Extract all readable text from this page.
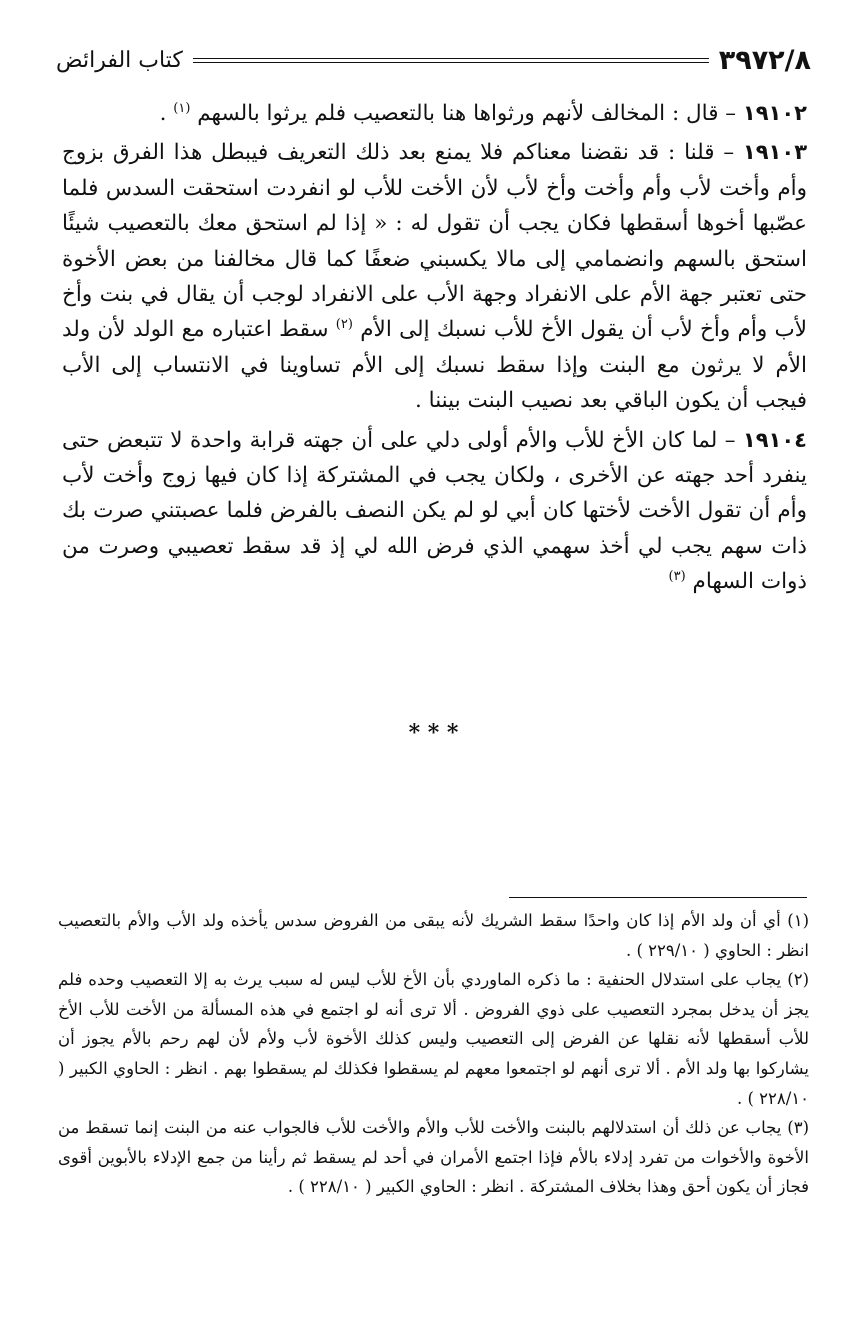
٣٩٧٢/٨
كتاب الفرائض

١٩١٠٢ – قال : المخالف لأنهم ورثواها هنا بالتعصيب فلم يرثوا بالسهم $^{(١)}$ .

١٩١٠٣ – قلنا : قد نقضنا معناكم فلا يمنع بعد ذلك التعريف فيبطل هذا الفرق بزوج وأم وأخت لأب وأم وأخت وأخ لأب لأن الأخت للأب لو انفردت استحقت السدس فلما عصّبها أخوها أسقطها فكان يجب أن تقول له : « إذا لم استحق معك بالتعصيب شيئًا استحق بالسهم وانضمامي إلى مالا يكسبني ضعفًا كما قال مخالفنا من بعض الأخوة حتى تعتبر جهة الأم على الانفراد وجهة الأب على الانفراد لوجب أن يقال في بنت وأخ لأب وأم وأخ لأب أن يقول الأخ للأب نسبك إلى الأم $^{(٢)}$ سقط اعتباره مع الولد لأن ولد الأم لا يرثون مع البنت وإذا سقط نسبك إلى الأم تساوينا في الانتساب إلى الأب فيجب أن يكون الباقي بعد نصيب البنت بيننا .

١٩١٠٤ – لما كان الأخ للأب والأم أولى دلي على أن جهته قرابة واحدة لا تتبعض حتى ينفرد أحد جهته عن الأخرى ، ولكان يجب في المشتركة إذا كان فيها زوج وأخت لأب وأم أن تقول الأخت لأختها كان أبي لو لم يكن النصف بالفرض فلما عصبتني صرت بك ذات سهم يجب لي أخذ سهمي الذي فرض الله لي إذ قد سقط تعصيبي وصرت من ذوات السهام $^{(٣)}$

* * *

(١) أي أن ولد الأم إذا كان واحدًا سقط الشريك لأنه يبقى من الفروض سدس يأخذه ولد الأب والأم بالتعصيب انظر : الحاوي ( ٢٢٩/١٠ ) .

(٢) يجاب على استدلال الحنفية : ما ذكره الماوردي بأن الأخ للأب ليس له سبب يرث به إلا التعصيب وحده فلم يجز أن يدخل بمجرد التعصيب على ذوي الفروض . ألا ترى أنه لو اجتمع في هذه المسألة من الأخت للأب الأخ للأب أسقطها لأنه نقلها عن الفرض إلى التعصيب وليس كذلك الأخوة لأب ولأم لأن لهم رحم بالأم يجوز أن يشاركوا بها ولد الأم . ألا ترى أنهم لو اجتمعوا معهم لم يسقطوا فكذلك لم يسقطوا بهم . انظر : الحاوي الكبير ( ٢٢٨/١٠ ) .

(٣) يجاب عن ذلك أن استدلالهم بالبنت والأخت للأب والأم والأخت للأب فالجواب عنه من البنت إنما تسقط من الأخوة والأخوات من تفرد إدلاء بالأم فإذا اجتمع الأمران في أحد لم يسقط ثم رأينا من جمع الإدلاء بالأبوين أقوى فجاز أن يكون أحق وهذا بخلاف المشتركة . انظر : الحاوي الكبير ( ٢٢٨/١٠ ) .
